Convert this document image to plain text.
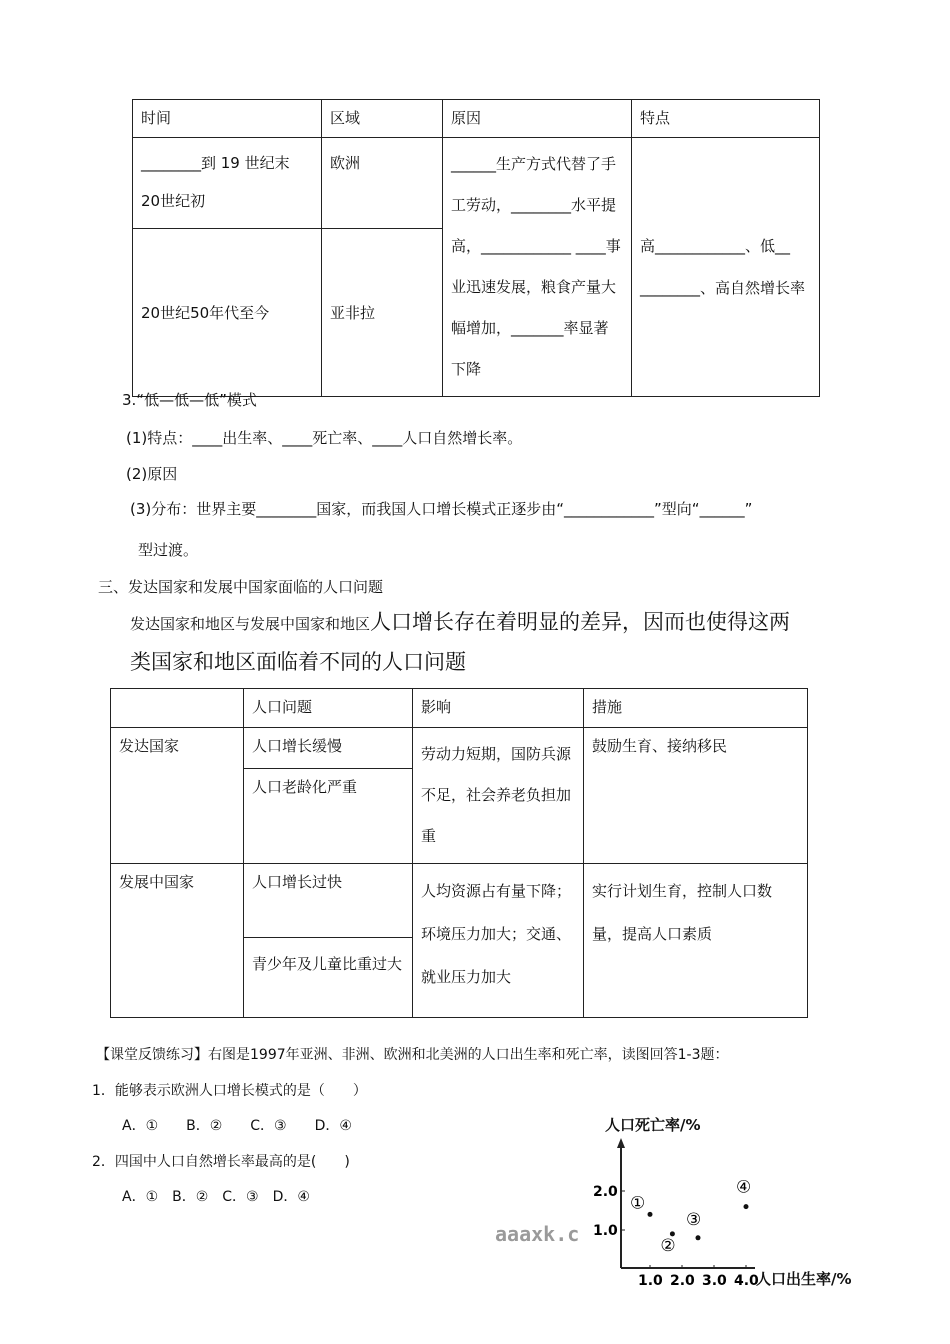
时间	区域	原因	特点
________到 19 世纪末 20世纪初	欧洲	______生产方式代替了手工劳动，________水平提高，____________ ____事业迅速发展，粮食产量大幅增加，_______率显著下降	高____________、低__ ________、高自然增长率
20世纪50年代至今	亚非拉		
3.“低—低—低”模式
(1)特点：____出生率、____死亡率、____人口自然增长率。
(2)原因
(3)分布：世界主要________国家，而我国人口增长模式正逐步由“____________”型向“______”
型过渡。
三、发达国家和发展中国家面临的人口问题
发达国家和地区与发展中国家和地区人口增长存在着明显的差异，因而也使得这两
类国家和地区面临着不同的人口问题
	人口问题	影响	措施
发达国家	人口增长缓慢	劳动力短期，国防兵源不足，社会养老负担加重	鼓励生育、接纳移民
	人口老龄化严重		
发展中国家	人口增长过快	人均资源占有量下降；环境压力加大；交通、就业压力加大	实行计划生育，控制人口数量，提高人口素质
	青少年及儿童比重过大		
【课堂反馈练习】右图是1997年亚洲、非洲、欧洲和北美洲的人口出生率和死亡率，读图回答1-3题：
1．能够表示欧洲人口增长模式的是（　　）
A．①　　B．②　　C．③　　D．④
2．四国中人口自然增长率最高的是(　　)
A．①　B．②　C．③　D．④
aaaxk.c
人口死亡率/%
人口出生率/%
1.0 2.0 3.0 4.0
1.0
2.0
①
②
③
④
